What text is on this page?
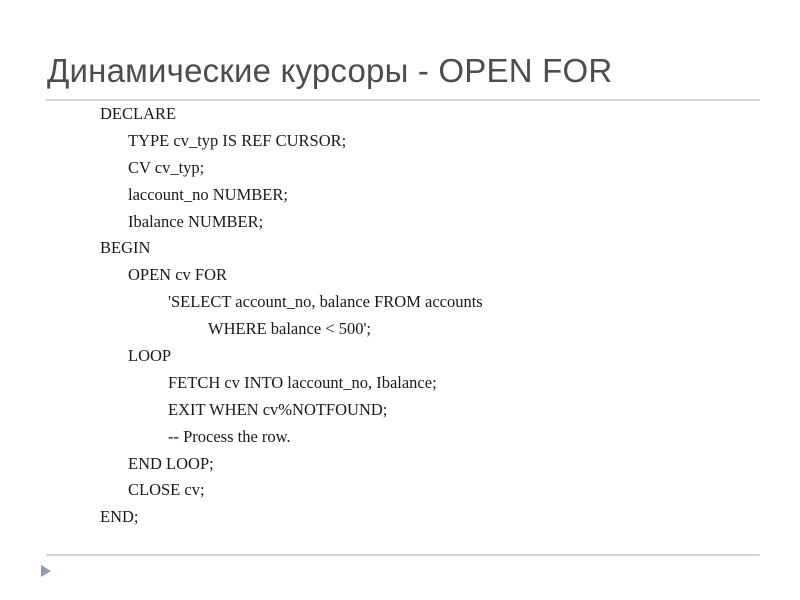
Динамические курсоры - OPEN FOR
DECLARE
TYPE cv_typ IS REF CURSOR;
CV cv_typ;
laccount_no NUMBER;
Ibalance NUMBER;
BEGIN
OPEN cv FOR
'SELECT account_no, balance FROM accounts
WHERE balance < 500';
LOOP
FETCH cv INTO laccount_no, Ibalance;
EXIT WHEN cv%NOTFOUND;
-- Process the row.
END LOOP;
CLOSE cv;
END;
